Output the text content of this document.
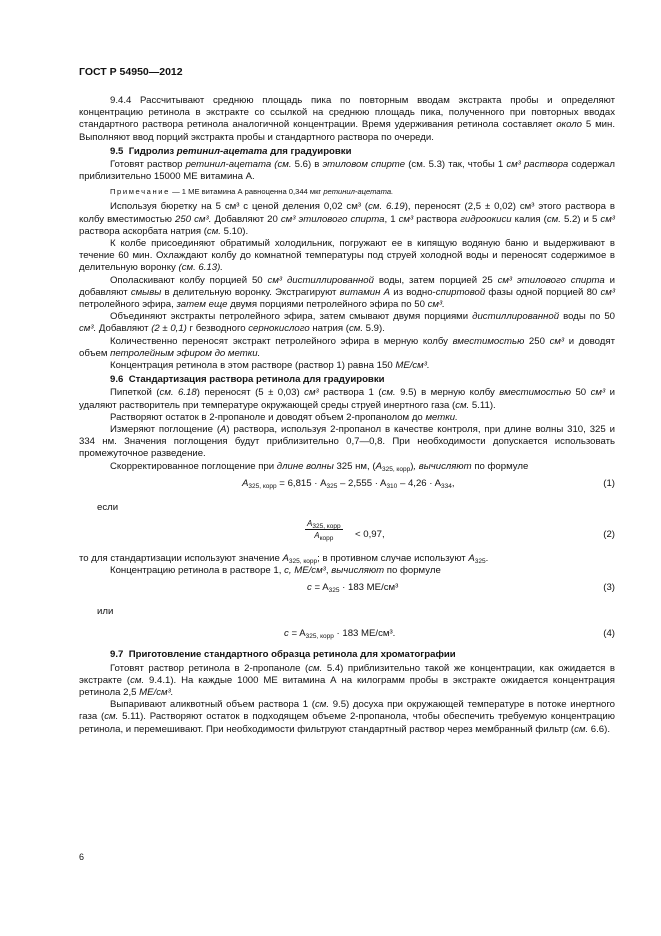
ГОСТ Р 54950—2012

9.4.4 Рассчитывают среднюю площадь пика по повторным вводам экстракта пробы и определяют концентрацию ретинола в экстракте со ссылкой на среднюю площадь пика, полученного при повторных вводах стандартного раствора ретинола аналогичной концентрации. Время удерживания ретинола составляет около 5 мин. Выполняют ввод порций экстракта пробы и стандартного раствора по очереди.

9.5 Гидролиз ретинил-ацетата для градуировки

Готовят раствор ретинил-ацетата (см. 5.6) в этиловом спирте (см. 5.3) так, чтобы 1 см³ раствора содержал приблизительно 15000 МЕ витамина А.

Примечание — 1 МЕ витамина А равноценна 0,344 мкг ретинил-ацетата.

Используя бюретку на 5 см³ с ценой деления 0,02 см³ (см. 6.19), переносят (2,5 ± 0,02) см³ этого раствора в колбу вместимостью 250 см³. Добавляют 20 см³ этилового спирта, 1 см³ раствора гидроокиси калия (см. 5.2) и 5 см³ раствора аскорбата натрия (см. 5.10).

К колбе присоединяют обратимый холодильник, погружают ее в кипящую водяную баню и выдерживают в течение 60 мин. Охлаждают колбу до комнатной температуры под струей холодной воды и переносят содержимое в делительную воронку (см. 6.13).

Ополаскивают колбу порцией 50 см³ дистиллированной воды, затем порцией 25 см³ этилового спирта и добавляют смывы в делительную воронку. Экстрагируют витамин А из водно-спиртовой фазы одной порцией 80 см³ петролейного эфира, затем еще двумя порциями петролейного эфира по 50 см³.

Объединяют экстракты петролейного эфира, затем смывают двумя порциями дистиллированной воды по 50 см³. Добавляют (2 ± 0,1) г безводного сернокислого натрия (см. 5.9).

Количественно переносят экстракт петролейного эфира в мерную колбу вместимостью 250 см³ и доводят объем петролейным эфиром до метки.

Концентрация ретинола в этом растворе (раствор 1) равна 150 МЕ/см³.

9.6 Стандартизация раствора ретинола для градуировки

Пипеткой (см. 6.18) переносят (5 ± 0,03) см³ раствора 1 (см. 9.5) в мерную колбу вместимостью 50 см³ и удаляют растворитель при температуре окружающей среды струей инертного газа (см. 5.11).

Растворяют остаток в 2-пропаноле и доводят объем 2-пропанолом до метки.

Измеряют поглощение (А) раствора, используя 2-пропанол в качестве контроля, при длине волны 310, 325 и 334 нм. Значения поглощения будут приблизительно 0,7—0,8. При необходимости допускается использовать промежуточное разведение.

Скорректированное поглощение при длине волны 325 нм, $(A_{325, корр})$, вычисляют по формуле

$A_{325, корр} = 6,815 \cdot A_{325} - 2,555 \cdot A_{310} - 4,26 \cdot A_{334}$,	(1)
если
$A_{325, корр}$
$A_{корр}$	< 0,97,	(2)

то для стандартизации используют значение $A_{325, корр}$; в противном случае используют $A_{325}$.

Концентрацию ретинола в растворе 1, c, МЕ/см³, вычисляют по формуле

$c = A_{325} \cdot 183$ МЕ/см³	(3)
или
$c = A_{325, корр} \cdot 183$ МЕ/см³.	(4)

9.7 Приготовление стандартного образца ретинола для хроматографии

Готовят раствор ретинола в 2-пропаноле (см. 5.4) приблизительно такой же концентрации, как ожидается в экстракте (см. 9.4.1). На каждые 1000 МЕ витамина А на килограмм пробы в экстракте ожидается концентрация ретинола 2,5 МЕ/см³.

Выпаривают аликвотный объем раствора 1 (см. 9.5) досуха при окружающей температуре в потоке инертного газа (см. 5.11). Растворяют остаток в подходящем объеме 2-пропанола, чтобы обеспечить требуемую концентрацию ретинола, и перемешивают. При необходимости фильтруют стандартный раствор через мембранный фильтр (см. 6.6).

6
